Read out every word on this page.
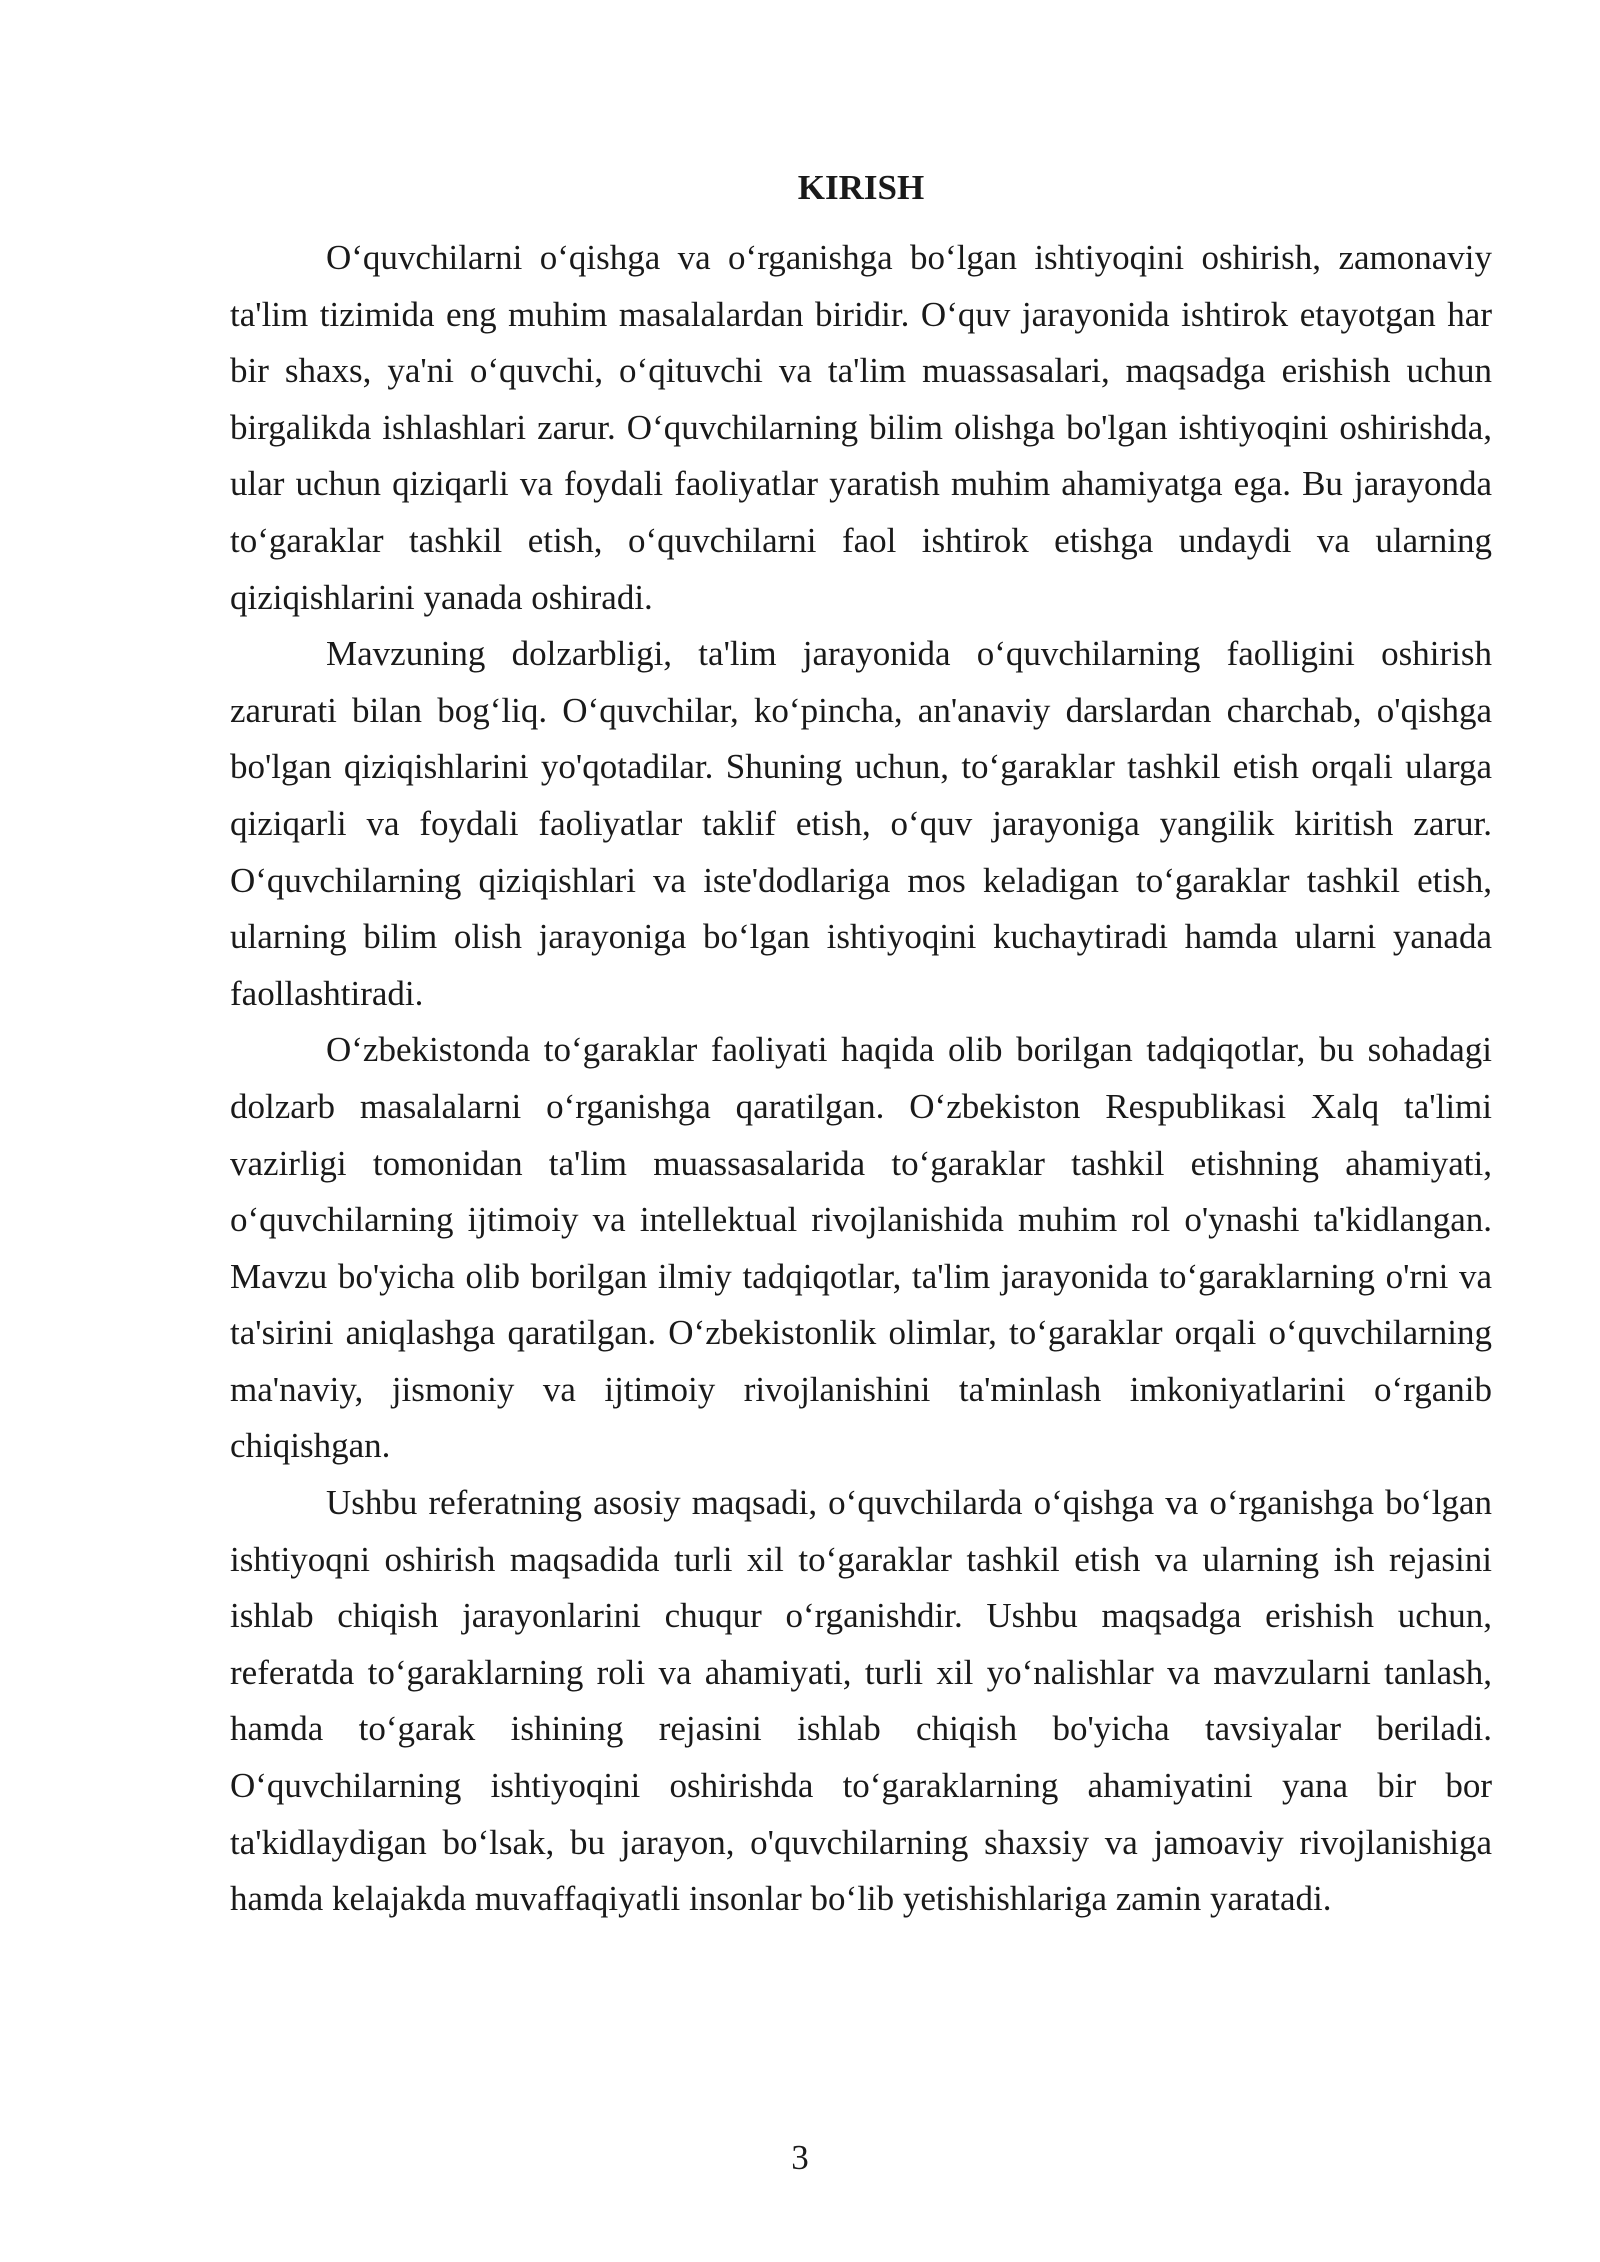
KIRISH

O‘quvchilarni o‘qishga va o‘rganishga bo‘lgan ishtiyoqini oshirish, zamonaviy ta'lim tizimida eng muhim masalalardan biridir. O‘quv jarayonida ishtirok etayotgan har bir shaxs, ya'ni o‘quvchi, o‘qituvchi va ta'lim muassasalari, maqsadga erishish uchun birgalikda ishlashlari zarur. O‘quvchilarning bilim olishga bo'lgan ishtiyoqini oshirishda, ular uchun qiziqarli va foydali faoliyatlar yaratish muhim ahamiyatga ega. Bu jarayonda to‘garaklar tashkil etish, o‘quvchilarni faol ishtirok etishga undaydi va ularning qiziqishlarini yanada oshiradi.

Mavzuning dolzarbligi, ta'lim jarayonida o‘quvchilarning faolligini oshirish zarurati bilan bog‘liq. O‘quvchilar, ko‘pincha, an'anaviy darslardan charchab, o'qishga bo'lgan qiziqishlarini yo'qotadilar. Shuning uchun, to‘garaklar tashkil etish orqali ularga qiziqarli va foydali faoliyatlar taklif etish, o‘quv jarayoniga yangilik kiritish zarur. O‘quvchilarning qiziqishlari va iste'dodlariga mos keladigan to‘garaklar tashkil etish, ularning bilim olish jarayoniga bo‘lgan ishtiyoqini kuchaytiradi hamda ularni yanada faollashtiradi.

O‘zbekistonda to‘garaklar faoliyati haqida olib borilgan tadqiqotlar, bu sohadagi dolzarb masalalarni o‘rganishga qaratilgan. O‘zbekiston Respublikasi Xalq ta'limi vazirligi tomonidan ta'lim muassasalarida to‘garaklar tashkil etishning ahamiyati, o‘quvchilarning ijtimoiy va intellektual rivojlanishida muhim rol o'ynashi ta'kidlangan. Mavzu bo'yicha olib borilgan ilmiy tadqiqotlar, ta'lim jarayonida to‘garaklarning o'rni va ta'sirini aniqlashga qaratilgan. O‘zbekistonlik olimlar, to‘garaklar orqali o‘quvchilarning ma'naviy, jismoniy va ijtimoiy rivojlanishini ta'minlash imkoniyatlarini o‘rganib chiqishgan.

Ushbu referatning asosiy maqsadi, o‘quvchilarda o‘qishga va o‘rganishga bo‘lgan ishtiyoqni oshirish maqsadida turli xil to‘garaklar tashkil etish va ularning ish rejasini ishlab chiqish jarayonlarini chuqur o‘rganishdir. Ushbu maqsadga erishish uchun, referatda to‘garaklarning roli va ahamiyati, turli xil yo‘nalishlar va mavzularni tanlash, hamda to‘garak ishining rejasini ishlab chiqish bo'yicha tavsiyalar beriladi. O‘quvchilarning ishtiyoqini oshirishda to‘garaklarning ahamiyatini yana bir bor ta'kidlaydigan bo‘lsak, bu jarayon, o'quvchilarning shaxsiy va jamoaviy rivojlanishiga hamda kelajakda muvaffaqiyatli insonlar bo‘lib yetishishlariga zamin yaratadi.

3
